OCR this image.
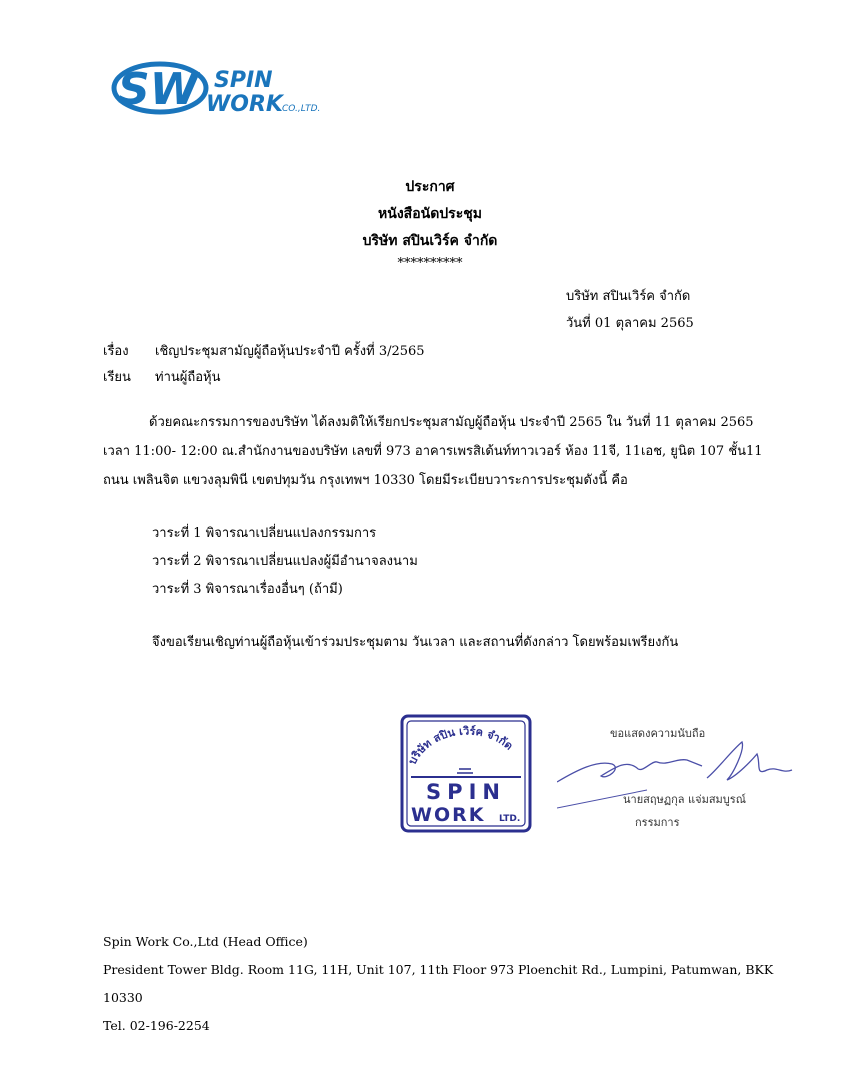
SW SPIN
WORK CO.,LTD.
ประกาศ
หนังสือนัดประชุม
บริษัท สปินเวิร์ค จำกัด
**********
บริษัท สปินเวิร์ค จำกัด
วันที่ 01 ตุลาคม 2565
เรื่อง เชิญประชุมสามัญผู้ถือหุ้นประจำปี ครั้งที่ 3/2565
เรียน ท่านผู้ถือหุ้น
ด้วยคณะกรรมการของบริษัท ได้ลงมติให้เรียกประชุมสามัญผู้ถือหุ้น ประจำปี 2565 ใน วันที่ 11 ตุลาคม 2565 เวลา 11:00- 12:00 ณ.สำนักงานของบริษัท เลขที่ 973 อาคารเพรสิเด้นท์ทาวเวอร์ ห้อง 11จี, 11เอช, ยูนิต 107 ชั้น11 ถนน เพลินจิต แขวงลุมพินี เขตปทุมวัน กรุงเทพฯ 10330 โดยมีระเบียบวาระการประชุมดังนี้ คือ
วาระที่ 1 พิจารณาเปลี่ยนแปลงกรรมการ
วาระที่ 2 พิจารณาเปลี่ยนแปลงผู้มีอำนาจลงนาม
วาระที่ 3 พิจารณาเรื่องอื่นๆ (ถ้ามี)
จึงขอเรียนเชิญท่านผู้ถือหุ้นเข้าร่วมประชุมตาม วันเวลา และสถานที่ดังกล่าว โดยพร้อมเพรียงกัน
บริษัท สปิน เวิร์ค จำกัด
SPIN
WORK LTD.
ขอแสดงความนับถือ
นายสฤษฏกุล แจ่มสมบูรณ์
กรรมการ
Spin Work Co.,Ltd (Head Office)
President Tower Bldg. Room 11G, 11H, Unit 107, 11th Floor 973 Ploenchit Rd., Lumpini, Patumwan, BKK
10330
Tel. 02-196-2254
